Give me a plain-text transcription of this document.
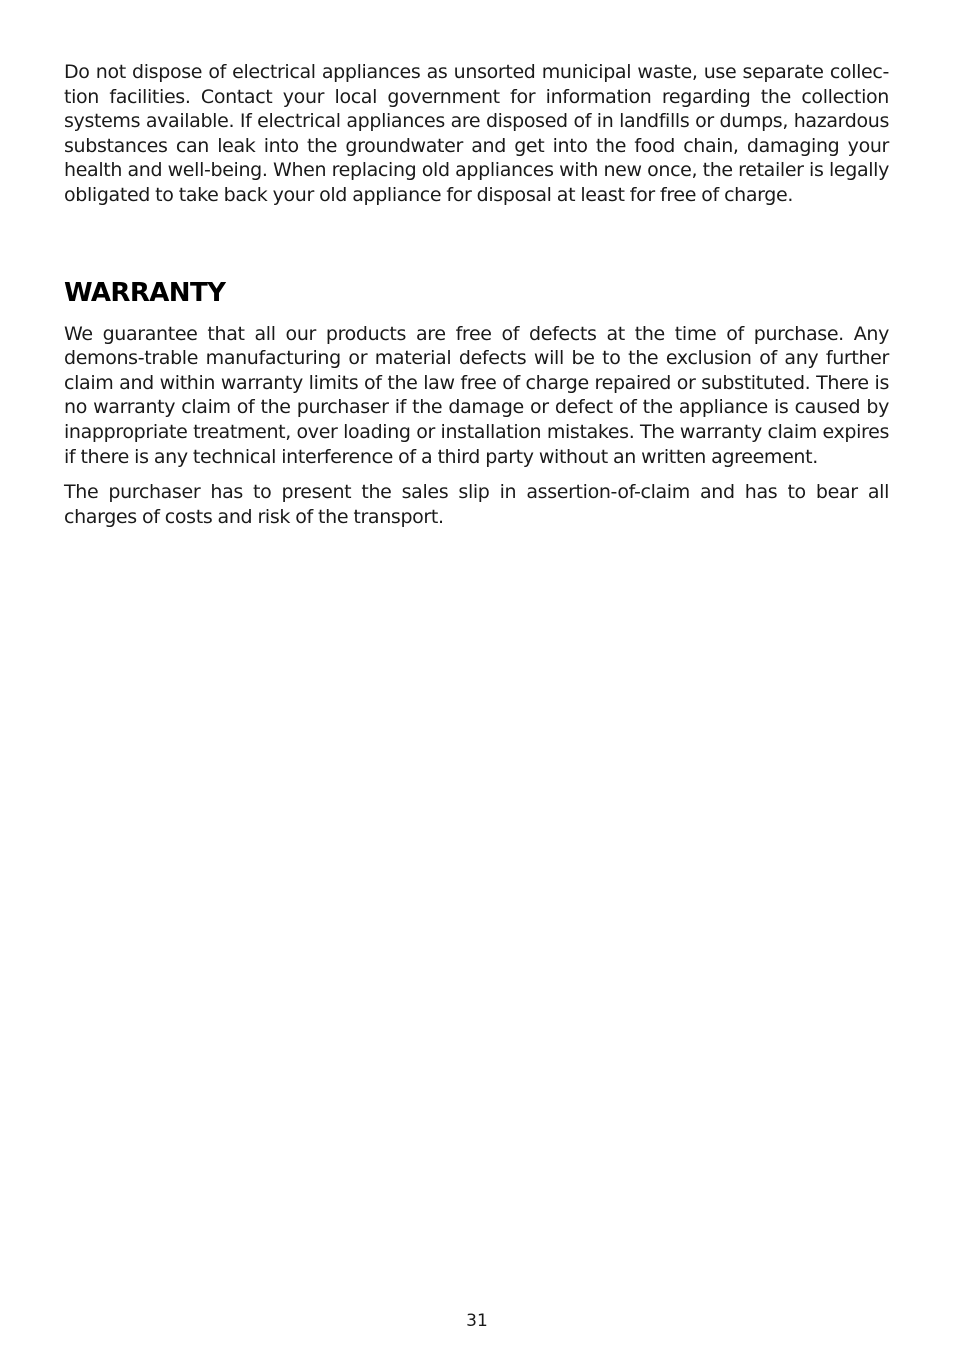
Do not dispose of electrical appliances as unsorted municipal waste, use separate collec-tion facilities. Contact your local government for information regarding the collection systems available. If electrical appliances are disposed of in landfills or dumps, hazardous substances can leak into the groundwater and get into the food chain, damaging your health and well-being. When replacing old appliances with new once, the retailer is legally obligated to take back your old appliance for disposal at least for free of charge.

WARRANTY

We guarantee that all our products are free of defects at the time of purchase. Any demons-trable manufacturing or material defects will be to the exclusion of any further claim and within warranty limits of the law free of charge repaired or substituted. There is no warranty claim of the purchaser if the damage or defect of the appliance is caused by inappropriate treatment, over loading or installation mistakes. The warranty claim expires if there is any technical interference of a third party without an written agreement.

The purchaser has to present the sales slip in assertion-of-claim and has to bear all charges of costs and risk of the transport.

31
